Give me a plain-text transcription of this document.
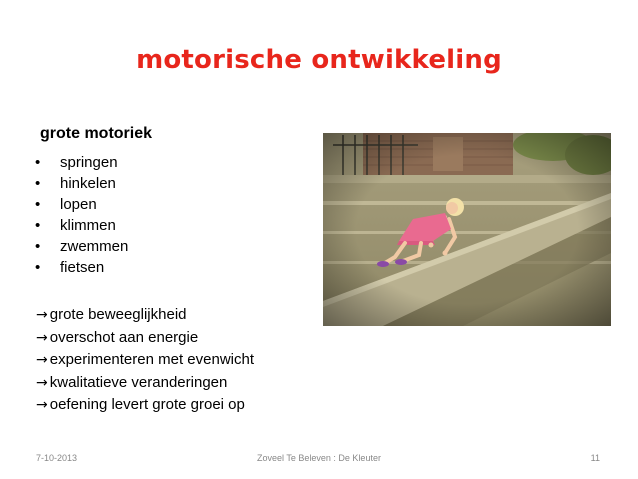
motorische ontwikkeling
grote motoriek
• springen
• hinkelen
• lopen
• klimmen
• zwemmen
• fietsen
→ grote beweeglijkheid
→ overschot aan energie
→ experimenteren met evenwicht
→ kwalitatieve veranderingen
→ oefening levert grote groei op
7-10-2013	Zoveel Te Beleven : De Kleuter	11
